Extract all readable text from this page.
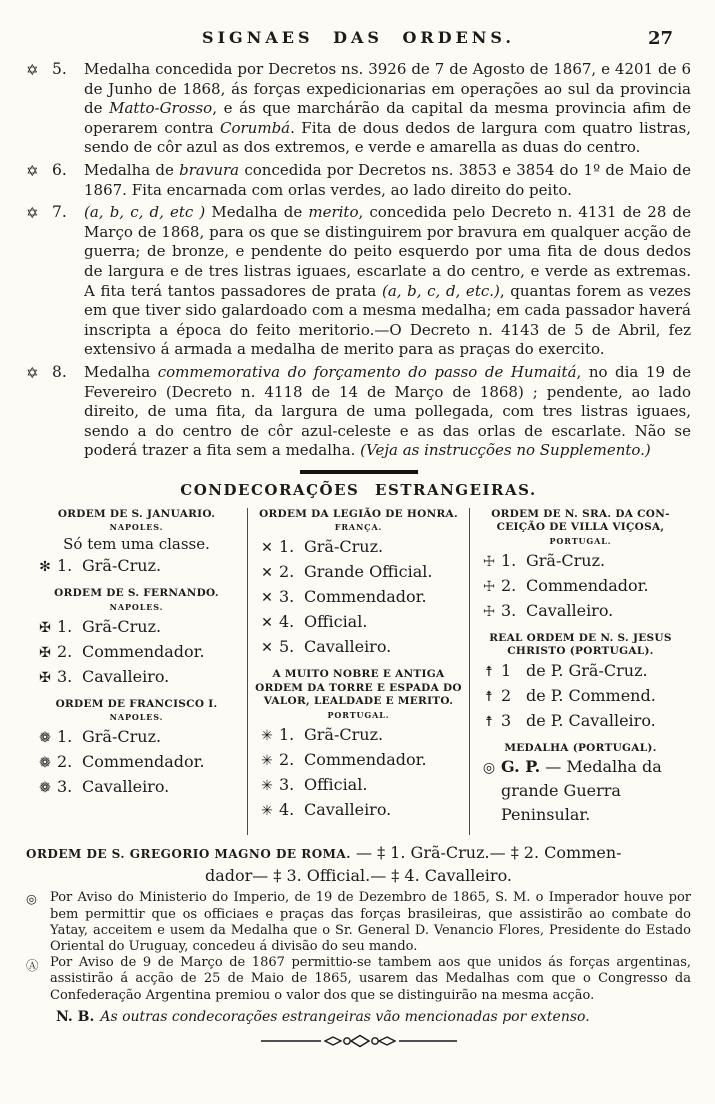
SIGNAES DAS ORDENS.	27
✡ 5.	Medalha concedida por Decretos ns. 3926 de 7 de Agosto de 1867, e 4201 de 6 de Junho de 1868, ás forças expedicionarias em operações ao sul da provincia de Matto-Grosso, e ás que marchárão da capital da mesma provincia afim de operarem contra Corumbá. Fita de dous dedos de largura com quatro listras, sendo de côr azul as dos extremos, e verde e amarella as duas do centro.
✡ 6.	Medalha de bravura concedida por Decretos ns. 3853 e 3854 do 1º de Maio de 1867. Fita encarnada com orlas verdes, ao lado direito do peito.
✡ 7.	(a, b, c, d, etc ) Medalha de merito, concedida pelo Decreto n. 4131 de 28 de Março de 1868, para os que se distinguirem por bravura em qualquer acção de guerra; de bronze, e pendente do peito esquerdo por uma fita de dous dedos de largura e de tres listras iguaes, escarlate a do centro, e verde as extremas. A fita terá tantos passadores de prata (a, b, c, d, etc.), quantas forem as vezes em que tiver sido galardoado com a mesma medalha; em cada passador haverá inscripta a época do feito meritorio.—O Decreto n. 4143 de 5 de Abril, fez extensivo á armada a medalha de merito para as praças do exercito.
✡ 8.	Medalha commemorativa do forçamento do passo de Humaitá, no dia 19 de Fevereiro (Decreto n. 4118 de 14 de Março de 1868) ; pendente, ao lado direito, de uma fita, da largura de uma pollegada, com tres listras iguaes, sendo a do centro de côr azul-celeste e as das orlas de escarlate. Não se poderá trazer a fita sem a medalha. (Veja as instrucções no Supplemento.)
CONDECORAÇÕES ESTRANGEIRAS.
ORDEM DE S. JANUARIO.
NAPOLES.
Só tem uma classe.
✻ 1. Grã-Cruz.
ORDEM DE S. FERNANDO.
NAPOLES.
✠ 1. Grã-Cruz.
✠ 2. Commendador.
✠ 3. Cavalleiro.
ORDEM DE FRANCISCO I.
NAPOLES.
❁ 1. Grã-Cruz.
❁ 2. Commendador.
❁ 3. Cavalleiro.
ORDEM DA LEGIÃO DE HONRA.
FRANÇA.
✕ 1. Grã-Cruz.
✕ 2. Grande Official.
✕ 3. Commendador.
✕ 4. Official.
✕ 5. Cavalleiro.
A MUITO NOBRE E ANTIGA
ORDEM DA TORRE E ESPADA DO
VALOR, LEALDADE E MERITO.
PORTUGAL.
✳ 1. Grã-Cruz.
✳ 2. Commendador.
✳ 3. Official.
✳ 4. Cavalleiro.
ORDEM DE N. SRA. DA CON-
CEIÇÃO DE VILLA VIÇOSA,
PORTUGAL.
☩ 1. Grã-Cruz.
☩ 2. Commendador.
☩ 3. Cavalleiro.
REAL ORDEM DE N. S. JESUS
CHRISTO (PORTUGAL).
☨ 1 de P. Grã-Cruz.
☨ 2 de P. Commend.
☨ 3 de P. Cavalleiro.
MEDALHA (PORTUGAL).
◎ G. P. — Medalha da grande Guerra Peninsular.
ORDEM DE S. GREGORIO MAGNO DE ROMA. — ‡ 1. Grã-Cruz.— ‡ 2. Commen-
dador— ‡ 3. Official.— ‡ 4. Cavalleiro.
◎	Por Aviso do Ministerio do Imperio, de 19 de Dezembro de 1865, S. M. o Imperador houve por bem permittir que os officiaes e praças das forças brasileiras, que assistirão ao combate do Yatay, acceitem e usem da Medalha que o Sr. General D. Venancio Flores, Presidente do Estado Oriental do Uruguay, concedeu á divisão do seu mando.
Ⓐ Por Aviso de 9 de Março de 1867 permittio-se tambem aos que unidos ás forças argentinas, assistirão á acção de 25 de Maio de 1865, usarem das Medalhas com que o Congresso da Confederação Argentina premiou o valor dos que se distinguirão na mesma acção.
N. B. As outras condecorações estrangeiras vão mencionadas por extenso.
